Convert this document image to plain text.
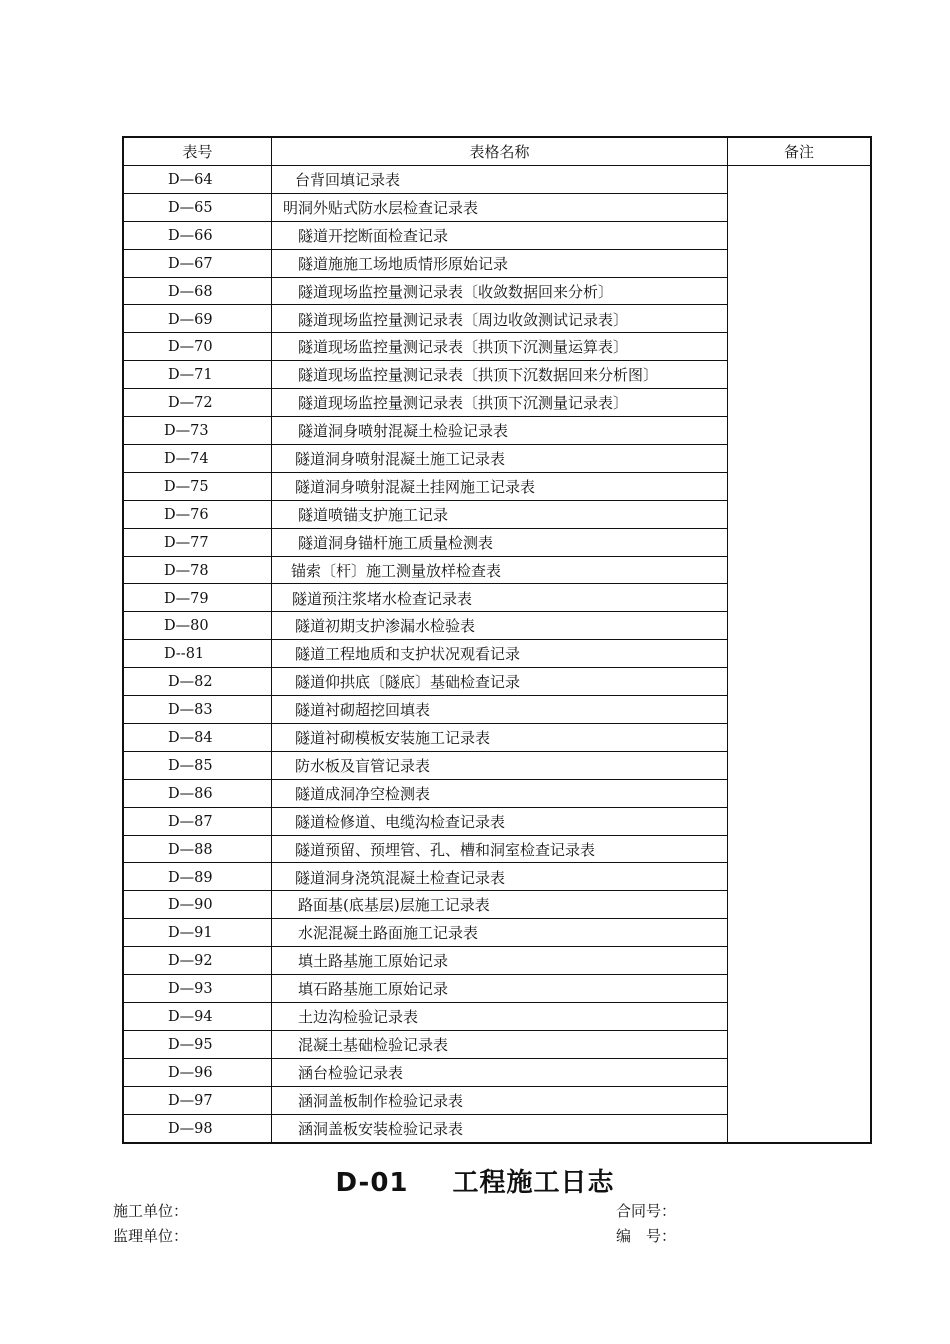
表号	表格名称	备注
D—64	台背回填记录表
D—65	明洞外贴式防水层检查记录表
D—66	隧道开挖断面检查记录
D—67	隧道施施工场地质情形原始记录
D—68	隧道现场监控量测记录表〔收敛数据回来分析〕
D—69	隧道现场监控量测记录表〔周边收敛测试记录表〕
D—70	隧道现场监控量测记录表〔拱顶下沉测量运算表〕
D—71	隧道现场监控量测记录表〔拱顶下沉数据回来分析图〕
D—72	隧道现场监控量测记录表〔拱顶下沉测量记录表〕
D—73	隧道洞身喷射混凝土检验记录表
D—74	隧道洞身喷射混凝土施工记录表
D—75	隧道洞身喷射混凝土挂网施工记录表
D—76	隧道喷锚支护施工记录
D—77	隧道洞身锚杆施工质量检测表
D—78	锚索〔杆〕施工测量放样检查表
D—79	隧道预注浆堵水检查记录表
D—80	隧道初期支护渗漏水检验表
D--81	隧道工程地质和支护状况观看记录
D—82	隧道仰拱底〔隧底〕基础检查记录
D—83	隧道衬砌超挖回填表
D—84	隧道衬砌模板安装施工记录表
D—85	防水板及盲管记录表
D—86	隧道成洞净空检测表
D—87	隧道检修道、电缆沟检查记录表
D—88	隧道预留、预埋管、孔、槽和洞室检查记录表
D—89	隧道洞身浇筑混凝土检查记录表
D—90	路面基(底基层)层施工记录表
D—91	水泥混凝土路面施工记录表
D—92	填土路基施工原始记录
D—93	填石路基施工原始记录
D—94	土边沟检验记录表
D—95	混凝土基础检验记录表
D—96	涵台检验记录表
D—97	涵洞盖板制作检验记录表
D—98	涵洞盖板安装检验记录表
D-01 工程施工日志
施工单位：	合同号：
监理单位：	编　号：
